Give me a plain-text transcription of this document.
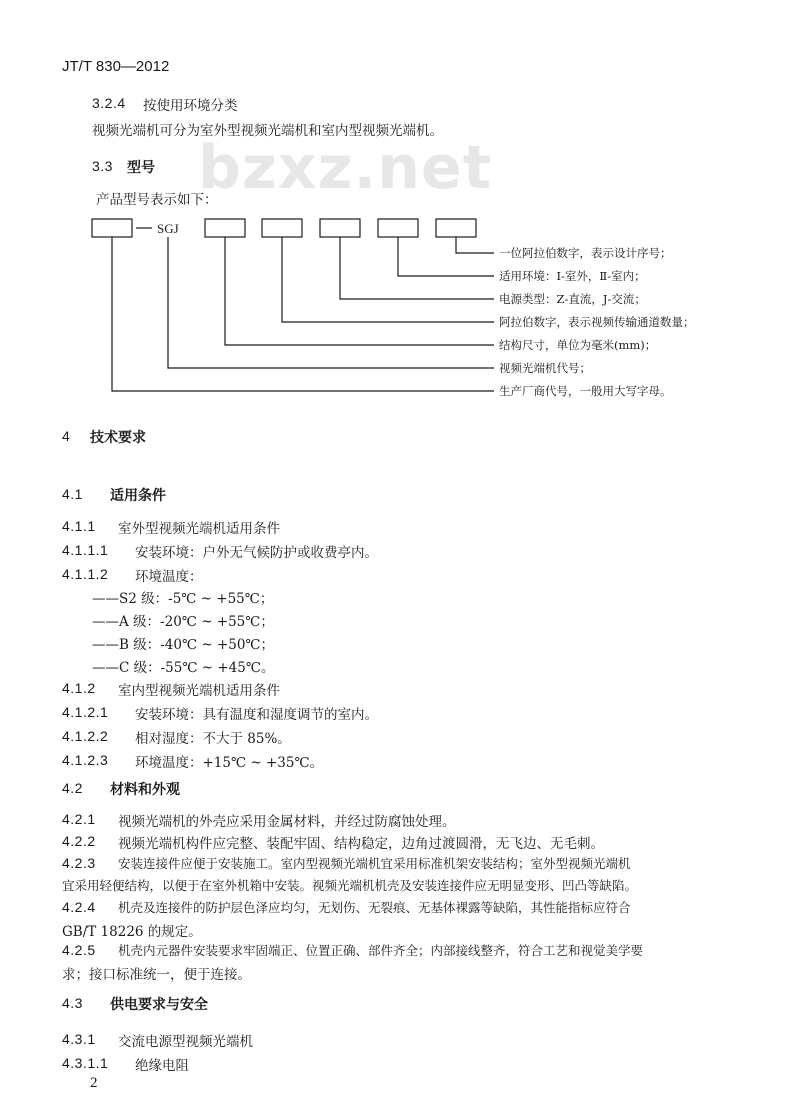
bzxz.net
JT/T 830—2012
3.2.4 按使用环境分类
视频光端机可分为室外型视频光端机和室内型视频光端机。
3.3 型号
产品型号表示如下：
SGJ
一位阿拉伯数字，表示设计序号；
适用环境：Ⅰ-室外，Ⅱ-室内；
电源类型：Z-直流，J-交流；
阿拉伯数字，表示视频传输通道数量；
结构尺寸，单位为毫米(mm)；
视频光端机代号；
生产厂商代号，一般用大写字母。
4 技术要求
4.1 适用条件
4.1.1 室外型视频光端机适用条件
4.1.1.1 安装环境：户外无气候防护或收费亭内。
4.1.1.2 环境温度：
——S2 级：-5℃ ~ +55℃；
——A 级：-20℃ ~ +55℃；
——B 级：-40℃ ~ +50℃；
——C 级：-55℃ ~ +45℃。
4.1.2 室内型视频光端机适用条件
4.1.2.1 安装环境：具有温度和湿度调节的室内。
4.1.2.2 相对湿度：不大于 85%。
4.1.2.3 环境温度：+15℃ ~ +35℃。
4.2 材料和外观
4.2.1 视频光端机的外壳应采用金属材料，并经过防腐蚀处理。
4.2.2 视频光端机构件应完整、装配牢固、结构稳定，边角过渡圆滑，无飞边、无毛刺。
4.2.3 安装连接件应便于安装施工。室内型视频光端机宜采用标准机架安装结构；室外型视频光端机
宜采用轻便结构，以便于在室外机箱中安装。视频光端机机壳及安装连接件应无明显变形、凹凸等缺陷。
4.2.4 机壳及连接件的防护层色泽应均匀，无划伤、无裂痕、无基体裸露等缺陷，其性能指标应符合
GB/T 18226 的规定。
4.2.5 机壳内元器件安装要求牢固端正、位置正确、部件齐全；内部接线整齐，符合工艺和视觉美学要
求；接口标准统一，便于连接。
4.3 供电要求与安全
4.3.1 交流电源型视频光端机
4.3.1.1 绝缘电阻
2
